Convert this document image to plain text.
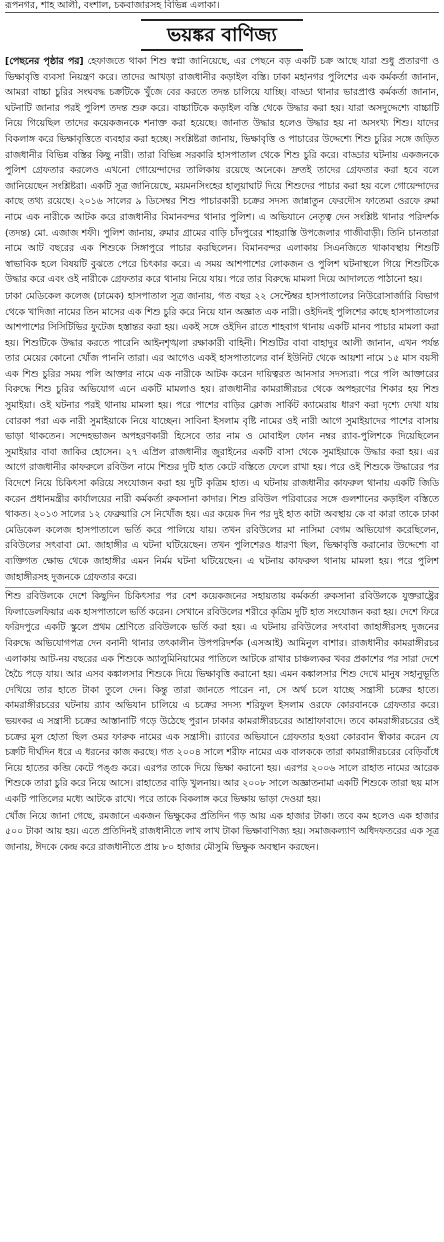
রূপনগর, শাহ আলী, বংশাল, চকবাজারসহ বিভিন্ন এলাকা।
ভয়ঙ্কর বাণিজ্য

[পেছনের পৃষ্ঠার পর] হেফাজতে থাকা শিশু স্বপ্না জানিয়েছে, এর পেছনে বড় একটি চক্র আছে যারা শুধু প্রতারণা ও ভিক্ষাবৃত্তি ব্যবসা নিয়ন্ত্রণ করে। তাদের আখড়া রাজধানীর কড়াইল বস্তি। ঢাকা মহানগর পুলিশের এক কর্মকর্তা জানান, আমরা বাচ্চা চুরির সংঘবদ্ধ চক্রটিকে খুঁজে বের করতে তদন্ত চালিয়ে যাচ্ছি। বাড্ডা থানার ভারপ্রাপ্ত কর্মকর্তা জানান, ঘটনাটি জানার পরই পুলিশ তদন্ত শুরু করে। বাচ্চাটিকে কড়াইল বস্তি থেকে উদ্ধার করা হয়। যারা অসদুদ্দেশ্যে বাচ্চাটি নিয়ে গিয়েছিল তাদের কয়েকজনকে শনাক্ত করা হয়েছে। জানাত উদ্ধার হলেও উদ্ধার হয় না অসংখ্য শিশু। যাদের বিকলাঙ্গ করে ভিক্ষাবৃত্তিতে ব্যবহার করা হচ্ছে। সংশ্লিষ্টরা জানায়, ভিক্ষাবৃত্তি ও পাচারের উদ্দেশ্যে শিশু চুরির সঙ্গে জড়িত রাজধানীর বিভিন্ন বস্তির কিছু নারী। তারা বিভিন্ন সরকারি হাসপাতাল থেকে শিশু চুরি করে। বাড্ডার ঘটনায় একজনকে পুলিশ গ্রেফতার করলেও এখনো গোয়েন্দাদের তালিকায় রয়েছে অনেকে। দ্রুতই তাদের গ্রেফতার করা হবে বলে জানিয়েছেন সংশ্লিষ্টরা। একটি সূত্র জানিয়েছে, ময়মনসিংহের হালুয়াঘাট দিয়ে শিশুদের পাচার করা হয় বলে গোয়েন্দাদের কাছে তথ্য রয়েছে। ২০১৬ সালের ৯ ডিসেম্বর শিশু পাচারকারী চক্রের সদস্য জান্নাতুন ফেরদৌস ফাতেমা ওরফে রুমা নামে এক নারীকে আটক করে রাজধানীর বিমানবন্দর থানার পুলিশ। এ অভিযানে নেতৃত্ব দেন সংশ্লিষ্ট থানার পরিদর্শক (তদন্ত) মো. এজাজ শফী। পুলিশ জানায়, রুমার গ্রামের বাড়ি চাঁদপুরের শাহরাস্তি উপজেলার গাজীবাড়ী। তিনি চানতারা নামে আট বছরের এক শিশুকে সিঙ্গাপুরে পাচার করছিলেন। বিমানবন্দর এলাকায় সিএনজিতে থাকাবস্থায় শিশুটি স্বাভাবিক হলে বিষয়টি বুঝতে পেরে চিৎকার করে। এ সময় আশপাশের লোকজন ও পুলিশ ঘটনাস্থলে গিয়ে শিশুটিকে উদ্ধার করে এবং ওই নারীকে গ্রেফতার করে থানায় নিয়ে যায়। পরে তার বিরুদ্ধে মামলা দিয়ে আদালতে পাঠানো হয়।

ঢাকা মেডিকেল কলেজ (ঢামেক) হাসপাতাল সূত্র জানায়, গত বছর ২২ সেপ্টেম্বর হাসপাতালের নিউরোসার্জারি বিভাগ থেকে খাদিজা নামের তিন মাসের এক শিশু চুরি করে নিয়ে যান অজ্ঞাত এক নারী। ওইদিনই পুলিশের কাছে হাসপাতালের আশপাশের সিসিটিভির ফুটেজ হস্তান্তর করা হয়। একই সঙ্গে ওইদিন রাতে শাহবাগ থানায় একটি মানব পাচার মামলা করা হয়। শিশুটিকে উদ্ধার করতে পারেনি আইনশৃঙ্খলা রক্ষাকারী বাহিনী। শিশুটির বাবা বাহাদুর আলী জানান, এখন পর্যন্ত তার মেয়ের কোনো খোঁজ পাননি তারা। এর আগেও একই হাসপাতালের বার্ন ইউনিট থেকে আয়শা নামে ১৫ মাস বয়সী এক শিশু চুরির সময় পলি আক্তার নামে এক নারীকে আটক করেন দায়িত্বরত আনসার সদস্যরা। পরে পলি আক্তারের বিরুদ্ধে শিশু চুরির অভিযোগ এনে একটি মামলাও হয়। রাজধানীর কামরাঙ্গীরচর থেকে অপহরণের শিকার হয় শিশু সুমাইয়া। ওই ঘটনার পরই থানায় মামলা হয়। পরে পাশের বাড়ির ক্লোজ সার্কিট ক্যামেরায় ধারণ করা দৃশ্যে দেখা যায় বোরকা পরা এক নারী সুমাইয়াকে নিয়ে যাচ্ছেন। সাবিনা ইসলাম বৃষ্টি নামের ওই নারী আগে সুমাইয়াদের পাশের বাসায় ভাড়া থাকতেন। সন্দেহভাজন অপহরণকারী হিসেবে তার নাম ও মোবাইল ফোন নম্বর র‍্যাব-পুলিশকে দিয়েছিলেন সুমাইয়ার বাবা জাকির হোসেন। ২৭ এপ্রিল রাজধানীর জুরাইনের একটি বাসা থেকে সুমাইয়াকে উদ্ধার করা হয়। এর আগে রাজধানীর কাফরুলে রবিউল নামে শিশুর দুটি হাত কেটে বস্তিতে ফেলে রাখা হয়। পরে ওই শিশুকে উদ্ধারের পর বিদেশে নিয়ে চিকিৎসা করিয়ে সংযোজন করা হয় দুটি কৃত্রিম হাত। এ ঘটনায় রাজধানীর কাফরুল থানায় একটি জিডি করেন প্রধানমন্ত্রীর কার্যালয়ের নারী কর্মকর্তা রুকসানা কাদার। শিশু রবিউল পরিবারের সঙ্গে গুলশানের কড়াইল বস্তিতে থাকত। ২০১৩ সালের ১২ ফেব্রুয়ারি সে নিখোঁজ হয়। এর কয়েক দিন পর দুই হাত কাটা অবস্থায় কে বা কারা তাকে ঢাকা মেডিকেল কলেজ হাসপাতালে ভর্তি করে পালিয়ে যায়। তখন রবিউলের মা নাসিমা বেগম অভিযোগ করেছিলেন, রবিউলের সৎবাবা মো. জাহাঙ্গীর এ ঘটনা ঘটিয়েছেন। তখন পুলিশেরও ধারণা ছিল, ভিক্ষাবৃত্তি করানোর উদ্দেশ্যে বা ব্যক্তিগত ক্ষোভ থেকে জাহাঙ্গীর এমন নির্মম ঘটনা ঘটিয়েছেন। এ ঘটনায় কাফরুল থানায় মামলা হয়। পরে পুলিশ জাহাঙ্গীরসহ দুজনকে গ্রেফতার করে।

শিশু রবিউলকে দেশে কিছুদিন চিকিৎসার পর বেশ কয়েকজনের সহায়তায় কর্মকর্তা রুকসানা রবিউলকে যুক্তরাষ্ট্রের ফিলাডেলফিয়ার এক হাসপাতালে ভর্তি করেন। সেখানে রবিউলের শরীরে কৃত্রিম দুটি হাত সংযোজন করা হয়। দেশে ফিরে ফরিদপুরে একটি স্কুলে প্রথম শ্রেণিতে রবিউলকে ভর্তি করা হয়। এ ঘটনায় রবিউলের সৎবাবা জাহাঙ্গীরসহ দুজনের বিরুদ্ধে অভিযোগপত্র দেন বনানী থানার তৎকালীন উপপরিদর্শক (এসআই) আমিনুল বাশার। রাজধানীর কামরাঙ্গীরচর এলাকায় আট-নয় বছরের এক শিশুকে অ্যালুমিনিয়ামের পাতিলে আটকে রাখার চাঞ্চল্যকর খবর প্রকাশের পর সারা দেশে হৈচৈ পড়ে যায়। আর এসব কঙ্কালসার শিশুকে দিয়ে ভিক্ষাবৃত্তি করানো হয়। এমন কঙ্কালসার শিশু দেখে মানুষ সহানুভূতি দেখিয়ে তার হাতে টাকা তুলে দেন। কিন্তু তারা জানতে পারেন না, সে অর্থ চলে যাচ্ছে সন্ত্রাসী চক্রের হাতে। কামরাঙ্গীরচরের ঘটনায় র‍্যাব অভিযান চালিয়ে এ চক্রের সদস্য শরিফুল ইসলাম ওরফে কোরবানকে গ্রেফতার করে। ভয়ংকর এ সন্ত্রাসী চক্রের আস্তানাটি গড়ে উঠেছে পুরান ঢাকার কামরাঙ্গীরচরের আশ্রাফাবাদে। তবে কামরাঙ্গীরচরের ওই চক্রের মূল হোতা ছিল ওমর ফারুক নামের এক সন্ত্রাসী। র‍্যাবের অভিযানে গ্রেফতার হওয়া কোরবান স্বীকার করেন যে চক্রটি দীর্ঘদিন ধরে এ ধরনের কাজ করছে। গত ২০০৪ সালে শরীফ নামের এক বালককে তারা কামরাঙ্গীরচরের বেড়িবাঁধে নিয়ে হাতের কব্জি কেটে পঙ্গু করে। এরপর তাকে দিয়ে ভিক্ষা করানো হয়। এরপর ২০০৬ সালে রাহাত নামের আরেক শিশুকে তারা চুরি করে নিয়ে আসে। রাহাতের বাড়ি খুলনায়। আর ২০০৮ সালে অজ্ঞাতনামা একটি শিশুকে তারা ছয় মাস একটি পাতিলের মধ্যে আটকে রাখে। পরে তাকে বিকলাঙ্গ করে ভিক্ষায় ভাড়া দেওয়া হয়।

খোঁজ নিয়ে জানা গেছে, রমজানে একজন ভিক্ষুকের প্রতিদিন গড় আয় এক হাজার টাকা। তবে কম হলেও এক হাজার ৫০০ টাকা আয় হয়। এতে প্রতিদিনই রাজধানীতে লাখ লাখ টাকা ভিক্ষাবাণিজ্য হয়। সমাজকল্যাণ অধিদফতরের এক সূত্র জানায়, ঈদকে কেন্দ্র করে রাজধানীতে প্রায় ৮০ হাজার মৌসুমি ভিক্ষুক অবস্থান করছেন।
